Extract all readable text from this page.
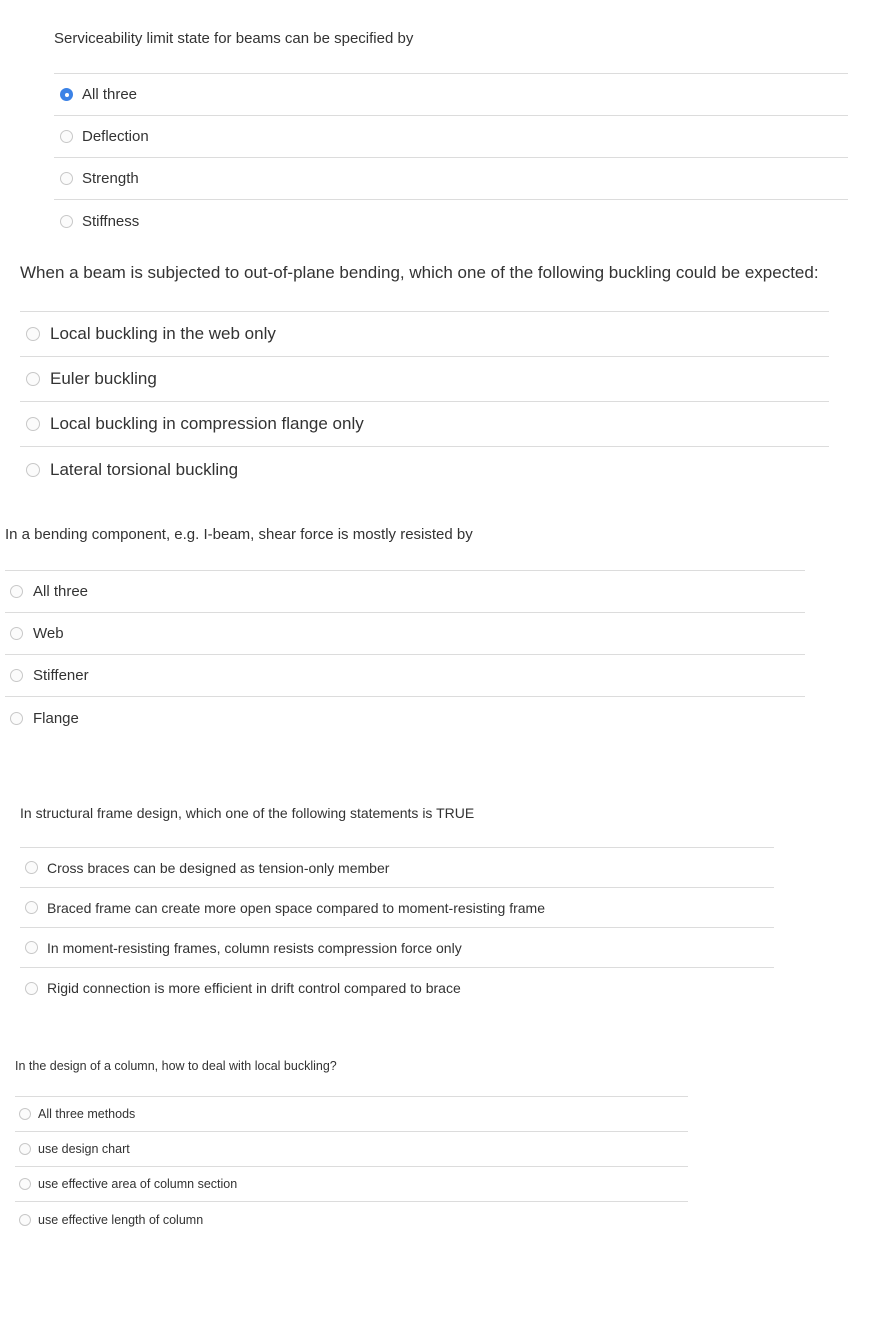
Serviceability limit state for beams can be specified by
All three
Deflection
Strength
Stiffness
When a beam is subjected to out-of-plane bending, which one of the following buckling could be expected:
Local buckling in the web only
Euler buckling
Local buckling in compression flange only
Lateral torsional buckling
In a bending component, e.g. I-beam, shear force is mostly resisted by
All three
Web
Stiffener
Flange
In structural frame design, which one of the following statements is TRUE
Cross braces can be designed as tension-only member
Braced frame can create more open space compared to moment-resisting frame
In moment-resisting frames, column resists compression force only
Rigid connection is more efficient in drift control compared to brace
In the design of a column, how to deal with local buckling?
All three methods
use design chart
use effective area of column section
use effective length of column
